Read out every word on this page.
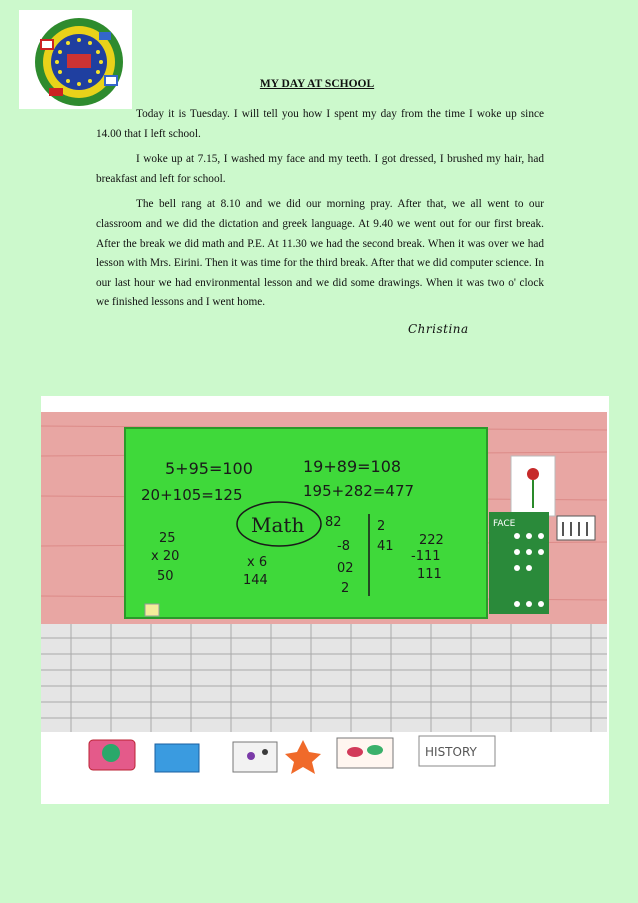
MY DAY AT SCHOOL

Today it is Tuesday. I will tell you how I spent my day from the time I woke up since 14.00 that I left school.

I woke up at 7.15, I washed my face and my teeth. I got dressed, I brushed my hair, had breakfast and left for school.

The bell rang at 8.10 and we did our morning pray. After that, we all went to our classroom and we did the dictation and greek language. At 9.40 we went out for our first break. After the break we did math and P.E. At 11.30 we had the second break. When it was over we had lesson with Mrs. Eirini. Then it was time for the third break. After that we did computer science. In our last hour we had environmental lesson and we did some drawings. When it was two o' clock we finished lessons and I went home.

Christina
5+95=100	19+89=108
20+105=125	195+282=477
Math
25
x 20
50
x 6
144
82
-8
02
2
2
41 222
-111
111
FACE
HISTORY
